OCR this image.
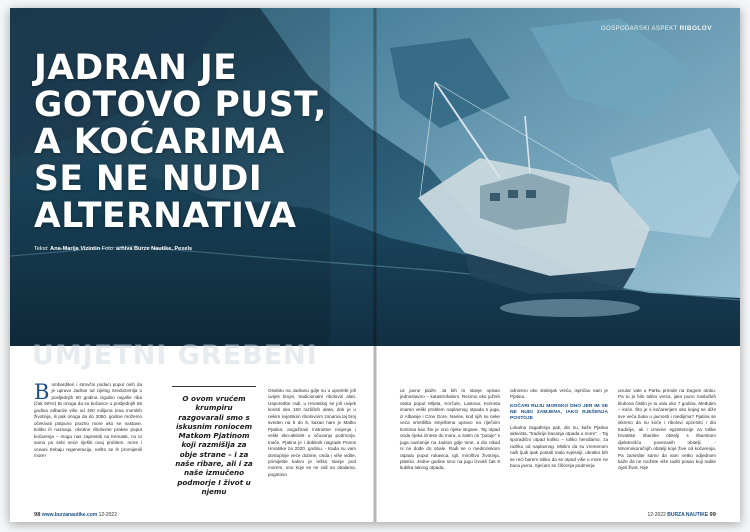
GOSPODARSKI ASPEKT RIBOLOV
JADRAN JE GOTOVO PUST, A KOĆARIMA SE NE NUDI ALTERNATIVA
Tekst: Ana-Marija Vizintin Foto: arhiva Burze Nautike, Pexels
UMJETNI GREBENI
Bombarditeri i strovčni podaci poput onih da je upravo Jadran od cijelog Sredozemlja u posljednjih 50 godina izgubio najviše riba (čak 50%!) Bi onoga da su kočarice u posljednjih 65 godina odbacile više od 400 milijuna tona morskih životinja, ili pak onoga da do 2050. godine možemo očekivati potpuno prazno more ako se nastave, koliko ih nazivaju, okrutne ribolovne prakse poput kočarenja – mogu nas zaprestiti na trenutak, no to samo po sebi neće riješiti ovaj problem. more i oceani trebaju regeneraciju, nešto se ih promijenili more!
O ovom vrućem krumpiru razgovarali smo s iskusnim roniocem Matkom Pjatinom koji razmišlja za obje strane – i za naše ribare, ali i za naše izmučeno podmorje I život u njemu
Osobito na Jadranu gdje su u upotrebi još uvijek brojni, tradicionalni ribolovni alati. Usporedbe radi, u Hrvatskoj se još uvijek koristi oko 150 različitih alata, dok je u nekim svjetskim ribolovnim zonama taj broj sveden na 5 do 6, kazao nam je Matko Pjatina, angažirani instruktor ronjenja i veliki eko-aktivist u očuvanju podmorja. Inače, Pjatina je i dobitnik nagrade Ponos Hrvatske za 2020. godinu. - Kada su vam dostupnije veće dubine, onda i više vidite, primijetite kakvo je teško stanje pod morem, ono koje se ne vidi na obalama, pogotovo
uz javne plaže. Ja bih to stanje opisao jednostavno – katastrofalnim. Recimo oko južnih otoka poput Mljeta, Korčule, Lastova, Korneta imamo veliki problem naplavnog otpada s juga, iz Albanije i Crne Gore. Naime, kod njih su neke veća smetlišta smještena upravo na riječnim koritima kao što je ono rijeke Bojane. Taj otpad onda rijeka iznese do mora, a zatim on "putuje" s juga ravnanije na Jadran gdje tone, a dio nikad ni ne dođe do obale. Radi se o medicinskom otpadu poput rukavica, igli, mnoštvu životinja, plastici. Jedne godine smo na jugu izvukli čak 8 kubika takvog otpada,
odnosno oko stotinjak vreća, ispričao nam je Pjatina.
KOČARI RUJU MORSKO DNO JER IM SE NE NUDI ZAMJENA, IAKO RJEŠENJA POSTOJE
Lokalna zagađenja pak, dio su, kaže Pjatina aktivista, "tradicije bacanja otpada u more". - Taj sporadični otpad koliko – toliko hendlamo, za razliku od naplavnog. Mislim da su vremenom naši ljudi ipak postali malo svjesniji, ukratko bih se reći barem toliko da se otpad više u more ne baca javno. Sjećam se čišćenja podmorja
unutar vale u Parku prirode na Dugom otoku. Pa tu je bilo toliko vreća, jako puno ronilačkih klubova čistilo je tu valu oko 7 godina. Međutim – koće. Što je s kočarenjem oko kojeg se diže sve veća buka u javnosti i medijima? Pjatina se iskreno da su koće i ribolovi općenito i dio tradicije, ali i izravne egzistencije za tolike hrvatske ribarske obitelji s ribarskom djelatnošću povezanih obitelji. - Mnomokoračnjih obitelji koje žive od kočarenja. Pa zamislite samo da vam netko odjednom kaže da ne možete više raditi posao koji radite cijeli život. Nije
98 www.burzanautike.com 12-2022	12-2022 BURZA NAUTIKE 99
